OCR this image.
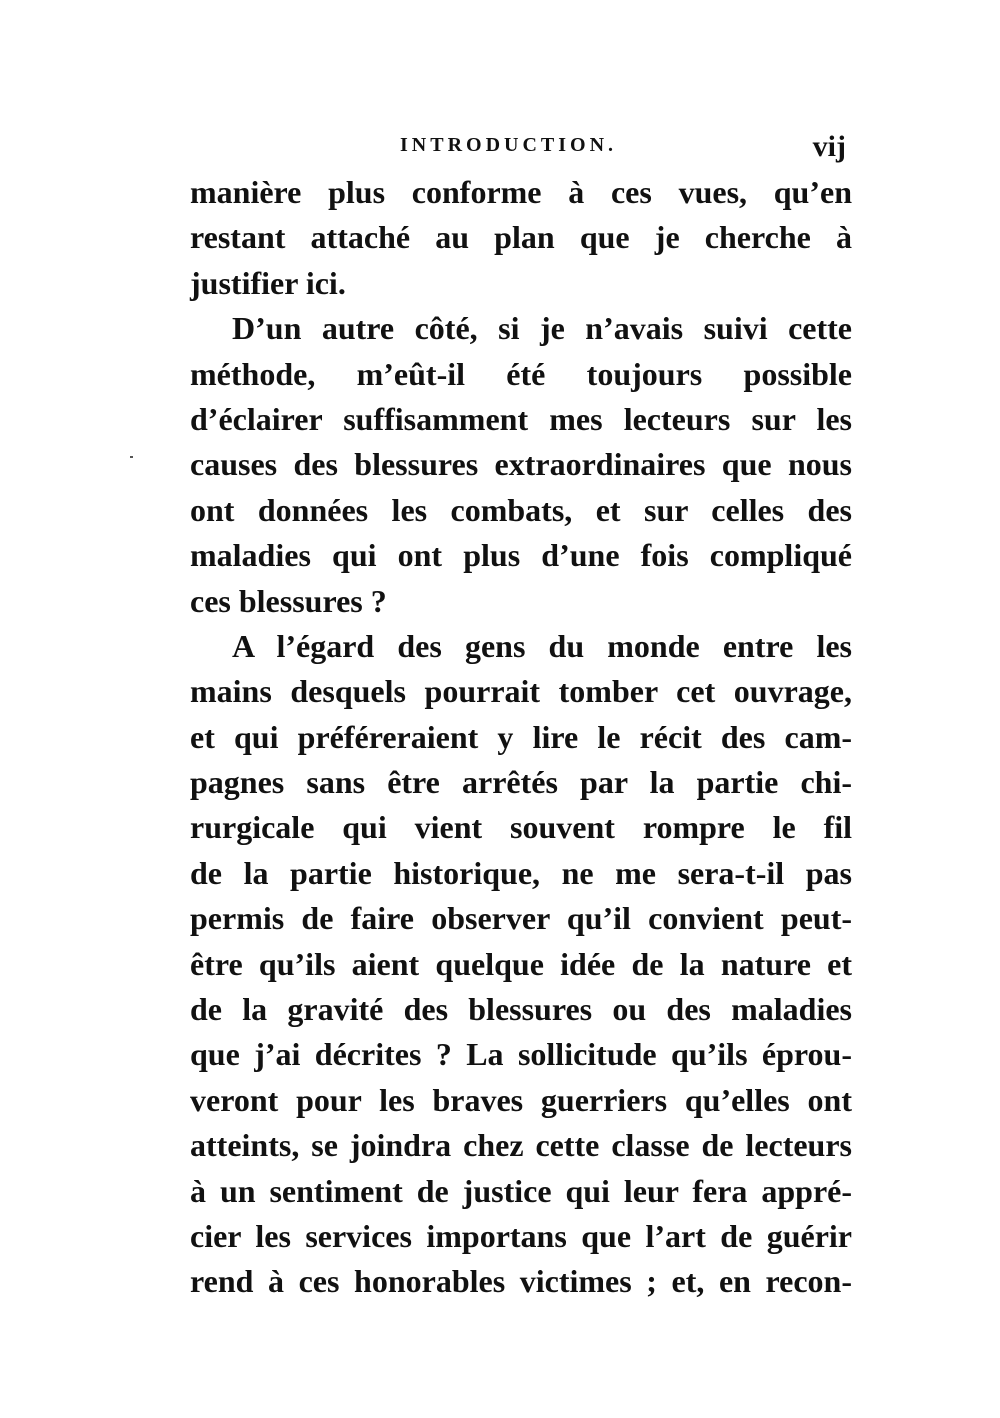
INTRODUCTION.	vij
manière plus conforme à ces vues, qu’en
restant attaché au plan que je cherche à
justifier ici.
D’un autre côté, si je n’avais suivi cette
méthode, m’eût-il été toujours possible
d’éclairer suffisamment mes lecteurs sur les
causes des blessures extraordinaires que nous
ont données les combats, et sur celles des
maladies qui ont plus d’une fois compliqué
ces blessures ?
A l’égard des gens du monde entre les
mains desquels pourrait tomber cet ouvrage,
et qui préféreraient y lire le récit des cam-
pagnes sans être arrêtés par la partie chi-
rurgicale qui vient souvent rompre le fil
de la partie historique, ne me sera-t-il pas
permis de faire observer qu’il convient peut-
être qu’ils aient quelque idée de la nature et
de la gravité des blessures ou des maladies
que j’ai décrites ? La sollicitude qu’ils éprou-
veront pour les braves guerriers qu’elles ont
atteints, se joindra chez cette classe de lecteurs
à un sentiment de justice qui leur fera appré-
cier les services importans que l’art de guérir
rend à ces honorables victimes ; et, en recon-
